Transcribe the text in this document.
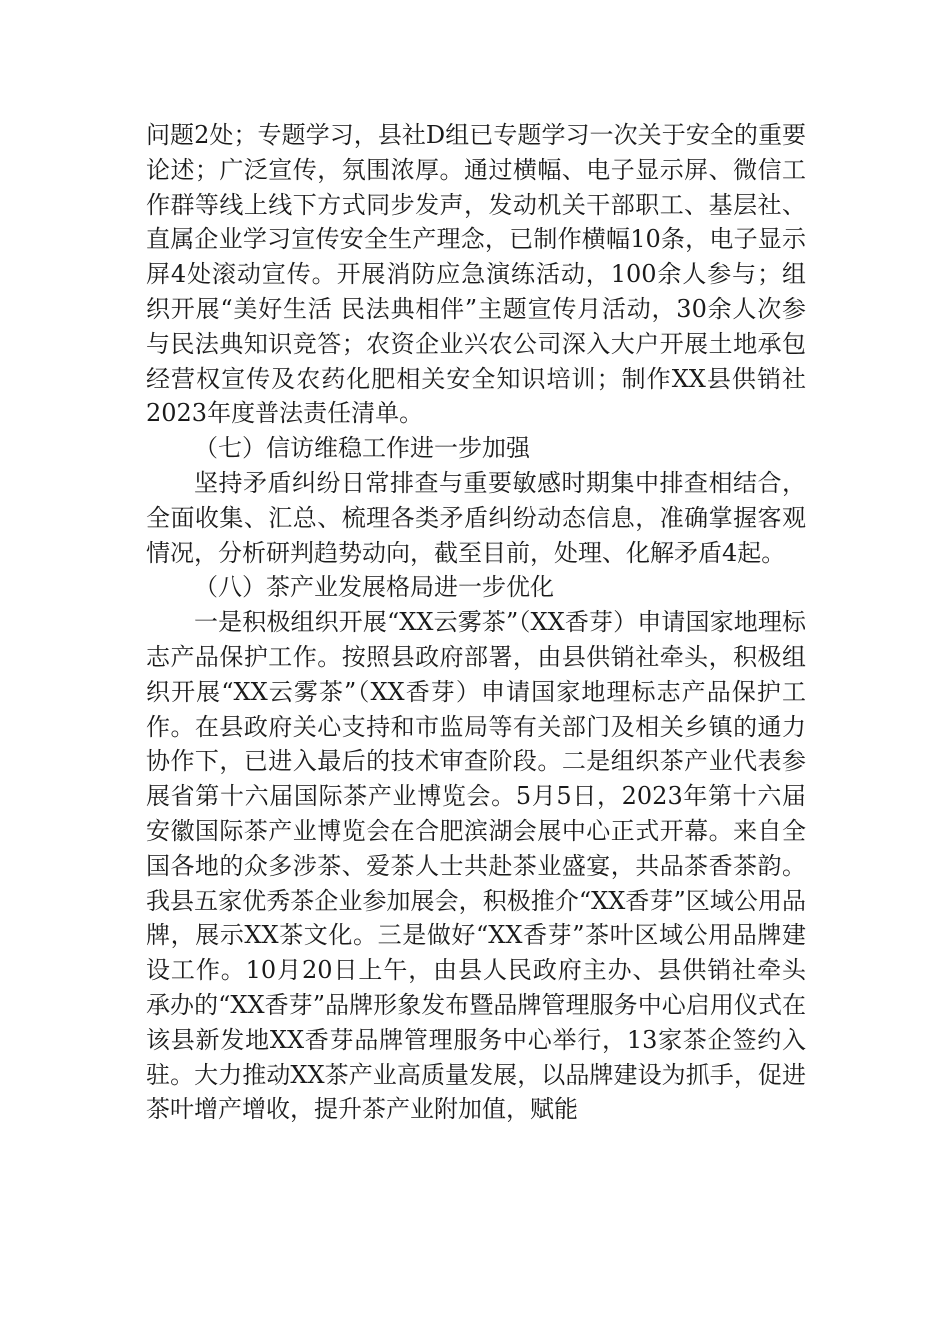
问题2处；专题学习，县社D组已专题学习一次关于安全的重要论述；广泛宣传，氛围浓厚。通过横幅、电子显示屏、微信工作群等线上线下方式同步发声，发动机关干部职工、基层社、直属企业学习宣传安全生产理念，已制作横幅10条，电子显示屏4处滚动宣传。开展消防应急演练活动，100余人参与；组织开展“美好生活 民法典相伴”主题宣传月活动，30余人次参与民法典知识竞答；农资企业兴农公司深入大户开展土地承包经营权宣传及农药化肥相关安全知识培训；制作XX县供销社2023年度普法责任清单。

（七）信访维稳工作进一步加强

坚持矛盾纠纷日常排查与重要敏感时期集中排查相结合，全面收集、汇总、梳理各类矛盾纠纷动态信息，准确掌握客观情况，分析研判趋势动向，截至目前，处理、化解矛盾4起。

（八）茶产业发展格局进一步优化

一是积极组织开展“XX云雾茶”（XX香芽）申请国家地理标志产品保护工作。按照县政府部署，由县供销社牵头，积极组织开展“XX云雾茶”（XX香芽）申请国家地理标志产品保护工作。在县政府关心支持和市监局等有关部门及相关乡镇的通力协作下，已进入最后的技术审查阶段。二是组织茶产业代表参展省第十六届国际茶产业博览会。5月5日，2023年第十六届安徽国际茶产业博览会在合肥滨湖会展中心正式开幕。来自全国各地的众多涉茶、爱茶人士共赴茶业盛宴，共品茶香茶韵。我县五家优秀茶企业参加展会，积极推介“XX香芽”区域公用品牌，展示XX茶文化。三是做好“XX香芽”茶叶区域公用品牌建设工作。10月20日上午，由县人民政府主办、县供销社牵头承办的“XX香芽”品牌形象发布暨品牌管理服务中心启用仪式在该县新发地XX香芽品牌管理服务中心举行，13家茶企签约入驻。大力推动XX茶产业高质量发展，以品牌建设为抓手，促进茶叶增产增收，提升茶产业附加值，赋能
